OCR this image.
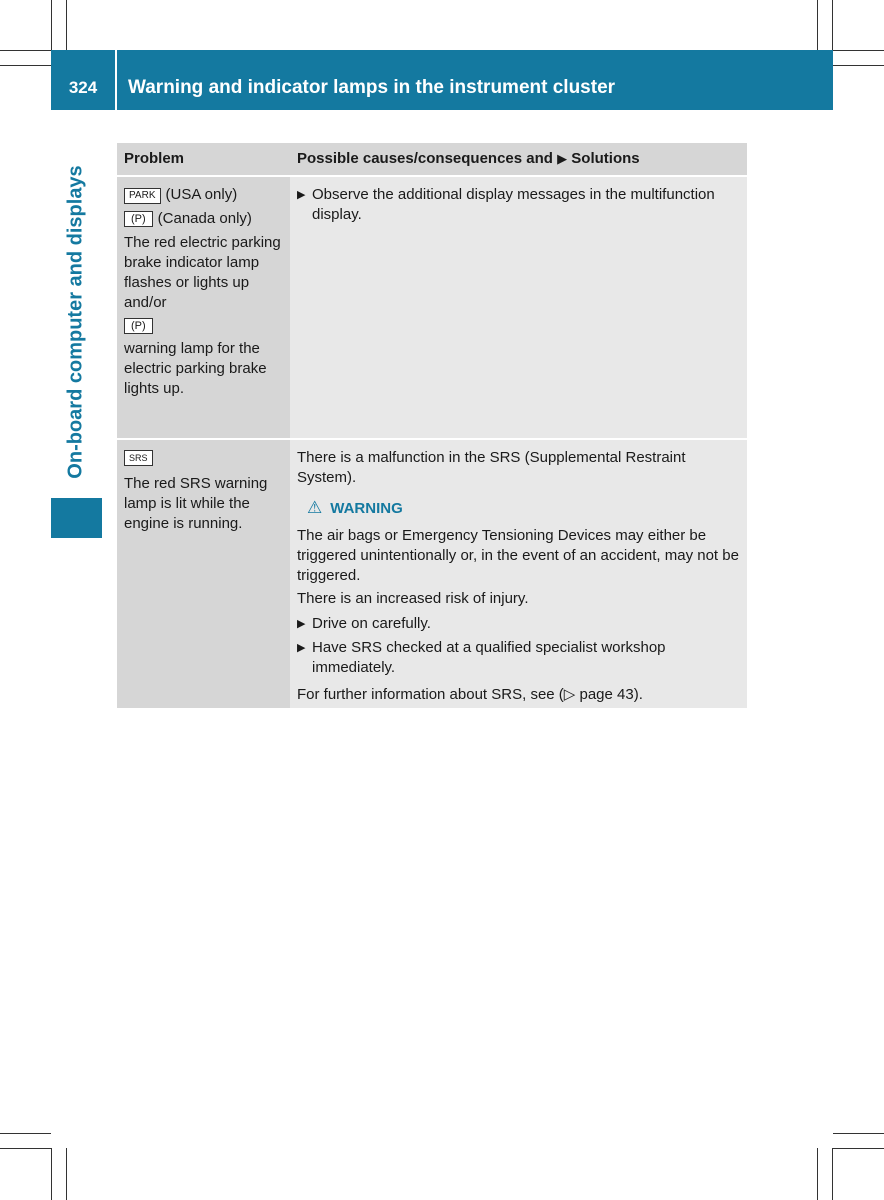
324	Warning and indicator lamps in the instrument cluster
On-board computer and displays
Problem	Possible causes/consequences and ▶ Solutions
PARK (USA only)
(P) (Canada only)
The red electric parking brake indicator lamp flashes or lights up and/or
(P)
warning lamp for the electric parking brake lights up.
▶ Observe the additional display messages in the multifunction display.
SRS
The red SRS warning lamp is lit while the engine is running.
There is a malfunction in the SRS (Supplemental Restraint System).
⚠ WARNING
The air bags or Emergency Tensioning Devices may either be triggered unintentionally or, in the event of an accident, may not be triggered.
There is an increased risk of injury.
▶ Drive on carefully.
▶ Have SRS checked at a qualified specialist workshop immediately.
For further information about SRS, see (▷ page 43).
